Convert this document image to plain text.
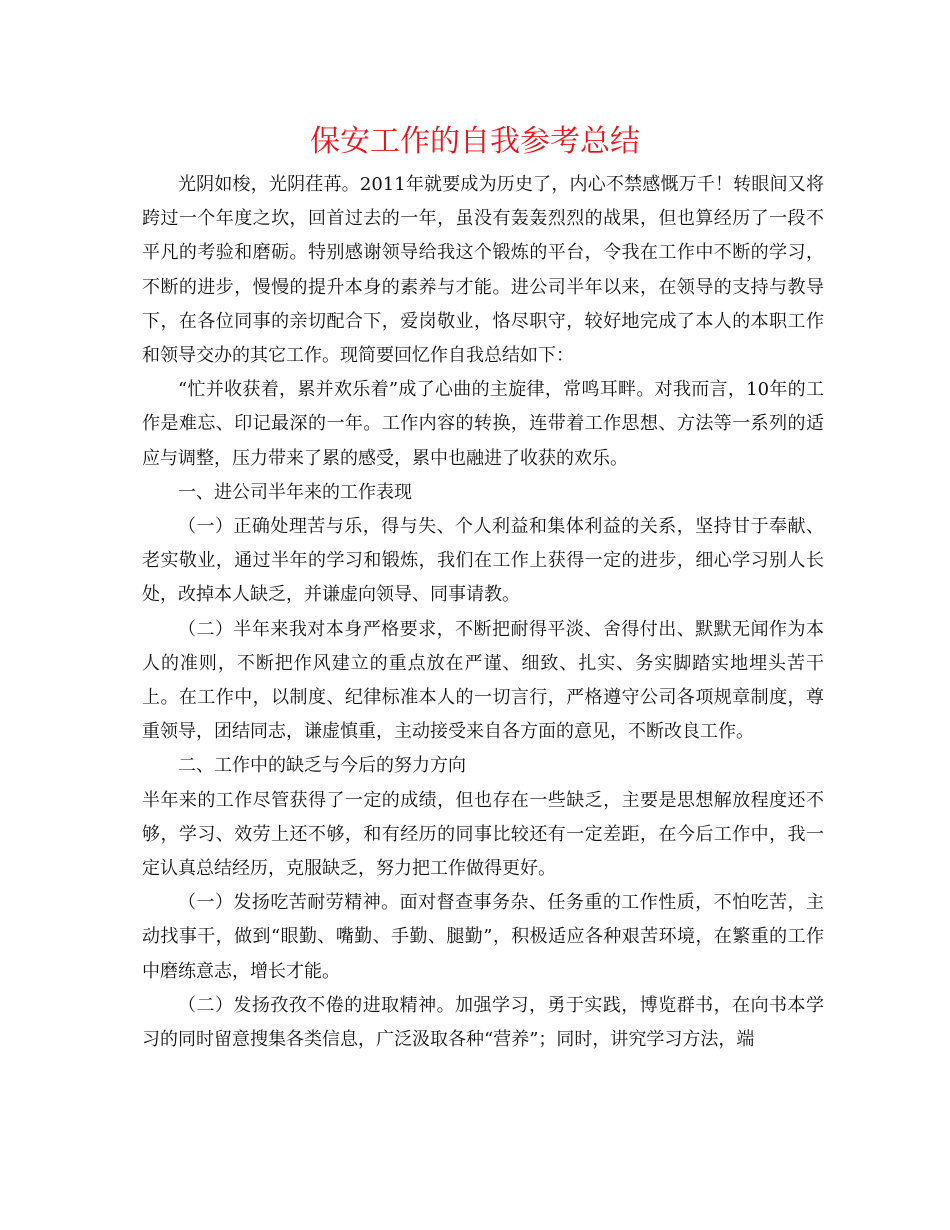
保安工作的自我参考总结

光阴如梭，光阴荏苒。2011年就要成为历史了，内心不禁感慨万千！转眼间又将跨过一个年度之坎，回首过去的一年，虽没有轰轰烈烈的战果，但也算经历了一段不平凡的考验和磨砺。特别感谢领导给我这个锻炼的平台，令我在工作中不断的学习，不断的进步，慢慢的提升本身的素养与才能。进公司半年以来，在领导的支持与教导下，在各位同事的亲切配合下，爱岗敬业，恪尽职守，较好地完成了本人的本职工作和领导交办的其它工作。现简要回忆作自我总结如下：

“忙并收获着，累并欢乐着”成了心曲的主旋律，常鸣耳畔。对我而言，10年的工作是难忘、印记最深的一年。工作内容的转换，连带着工作思想、方法等一系列的适应与调整，压力带来了累的感受，累中也融进了收获的欢乐。

一、进公司半年来的工作表现

（一）正确处理苦与乐，得与失、个人利益和集体利益的关系，坚持甘于奉献、老实敬业，通过半年的学习和锻炼，我们在工作上获得一定的进步，细心学习别人长处，改掉本人缺乏，并谦虚向领导、同事请教。

（二）半年来我对本身严格要求，不断把耐得平淡、舍得付出、默默无闻作为本人的准则，不断把作风建立的重点放在严谨、细致、扎实、务实脚踏实地埋头苦干上。在工作中，以制度、纪律标准本人的一切言行，严格遵守公司各项规章制度，尊重领导，团结同志，谦虚慎重，主动接受来自各方面的意见，不断改良工作。

二、工作中的缺乏与今后的努力方向

半年来的工作尽管获得了一定的成绩，但也存在一些缺乏，主要是思想解放程度还不够，学习、效劳上还不够，和有经历的同事比较还有一定差距，在今后工作中，我一定认真总结经历，克服缺乏，努力把工作做得更好。

（一）发扬吃苦耐劳精神。面对督查事务杂、任务重的工作性质，不怕吃苦，主动找事干，做到“眼勤、嘴勤、手勤、腿勤”，积极适应各种艰苦环境，在繁重的工作中磨练意志，增长才能。

（二）发扬孜孜不倦的进取精神。加强学习，勇于实践，博览群书，在向书本学习的同时留意搜集各类信息，广泛汲取各种“营养”；同时，讲究学习方法，端
